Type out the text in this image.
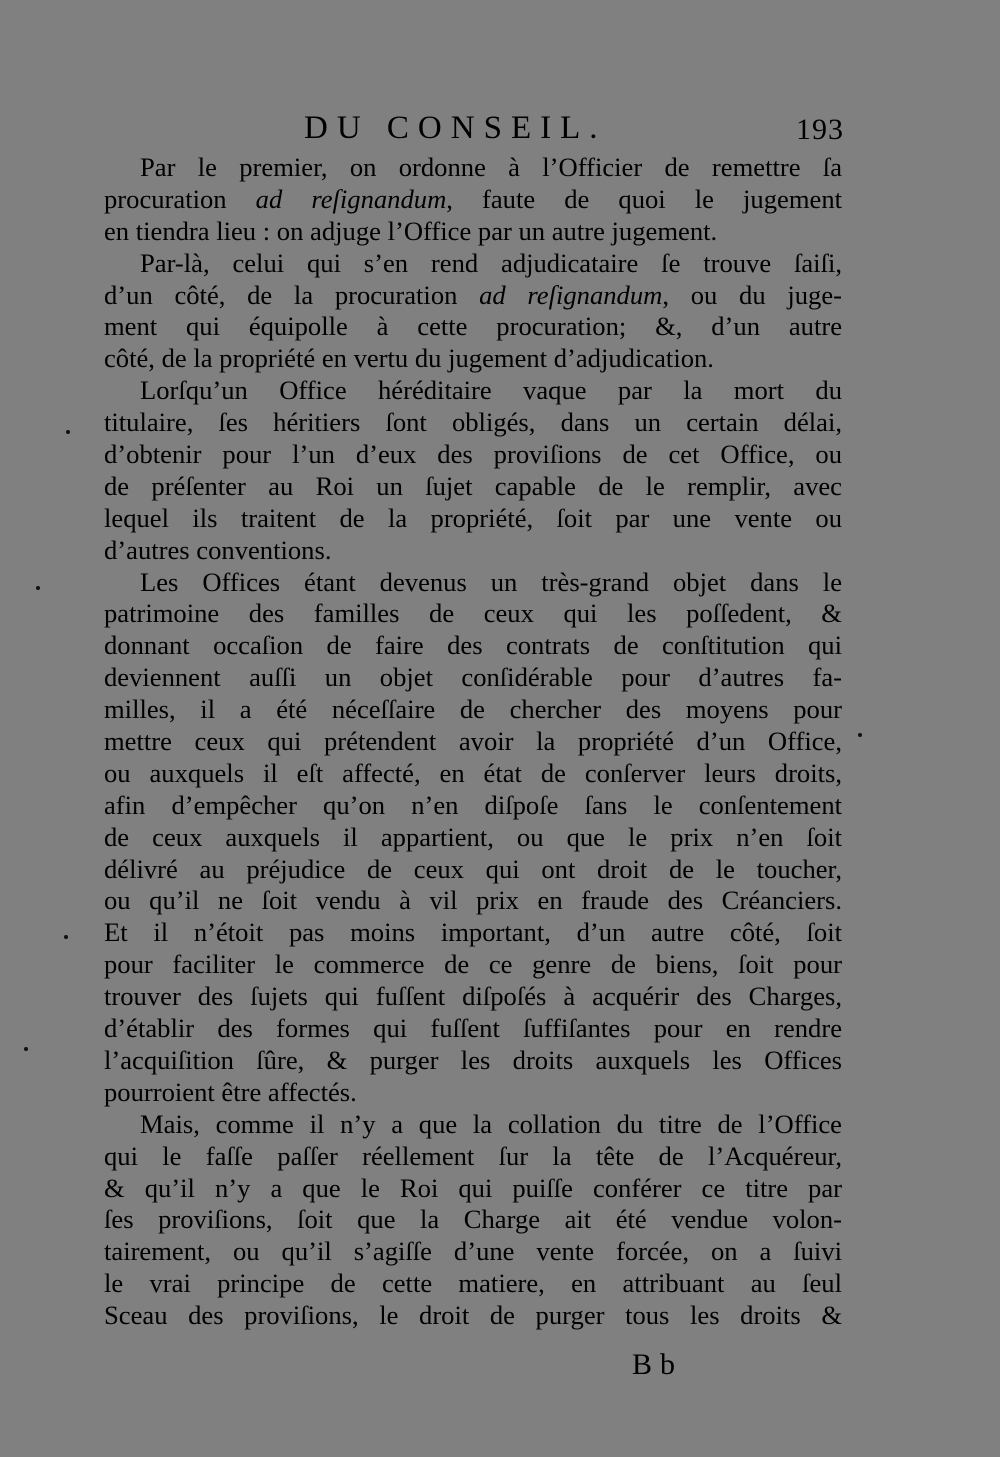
DU CONSEIL.	193
Par le premier, on ordonne à l’Officier de remettre ſa
procuration ad reſignandum, faute de quoi le jugement
en tiendra lieu : on adjuge l’Office par un autre jugement.
Par-là, celui qui s’en rend adjudicataire ſe trouve ſaiſi,
d’un côté, de la procuration ad reſignandum, ou du juge-
ment qui équipolle à cette procuration; &, d’un autre
côté, de la propriété en vertu du jugement d’adjudication.
Lorſqu’un Office héréditaire vaque par la mort du
titulaire, ſes héritiers ſont obligés, dans un certain délai,
d’obtenir pour l’un d’eux des proviſions de cet Office, ou
de préſenter au Roi un ſujet capable de le remplir, avec
lequel ils traitent de la propriété, ſoit par une vente ou
d’autres conventions.
Les Offices étant devenus un très-grand objet dans le
patrimoine des familles de ceux qui les poſſedent, &
donnant occaſion de faire des contrats de conſtitution qui
deviennent auſſi un objet conſidérable pour d’autres fa-
milles, il a été néceſſaire de chercher des moyens pour
mettre ceux qui prétendent avoir la propriété d’un Office,
ou auxquels il eſt affecté, en état de conſerver leurs droits,
afin d’empêcher qu’on n’en diſpoſe ſans le conſentement
de ceux auxquels il appartient, ou que le prix n’en ſoit
délivré au préjudice de ceux qui ont droit de le toucher,
ou qu’il ne ſoit vendu à vil prix en fraude des Créanciers.
Et il n’étoit pas moins important, d’un autre côté, ſoit
pour faciliter le commerce de ce genre de biens, ſoit pour
trouver des ſujets qui fuſſent diſpoſés à acquérir des Charges,
d’établir des formes qui fuſſent ſuffiſantes pour en rendre
l’acquiſition ſûre, & purger les droits auxquels les Offices
pourroient être affectés.
Mais, comme il n’y a que la collation du titre de l’Office
qui le faſſe paſſer réellement ſur la tête de l’Acquéreur,
& qu’il n’y a que le Roi qui puiſſe conférer ce titre par
ſes proviſions, ſoit que la Charge ait été vendue volon-
tairement, ou qu’il s’agiſſe d’une vente forcée, on a ſuivi
le vrai principe de cette matiere, en attribuant au ſeul
Sceau des proviſions, le droit de purger tous les droits &
Bb
